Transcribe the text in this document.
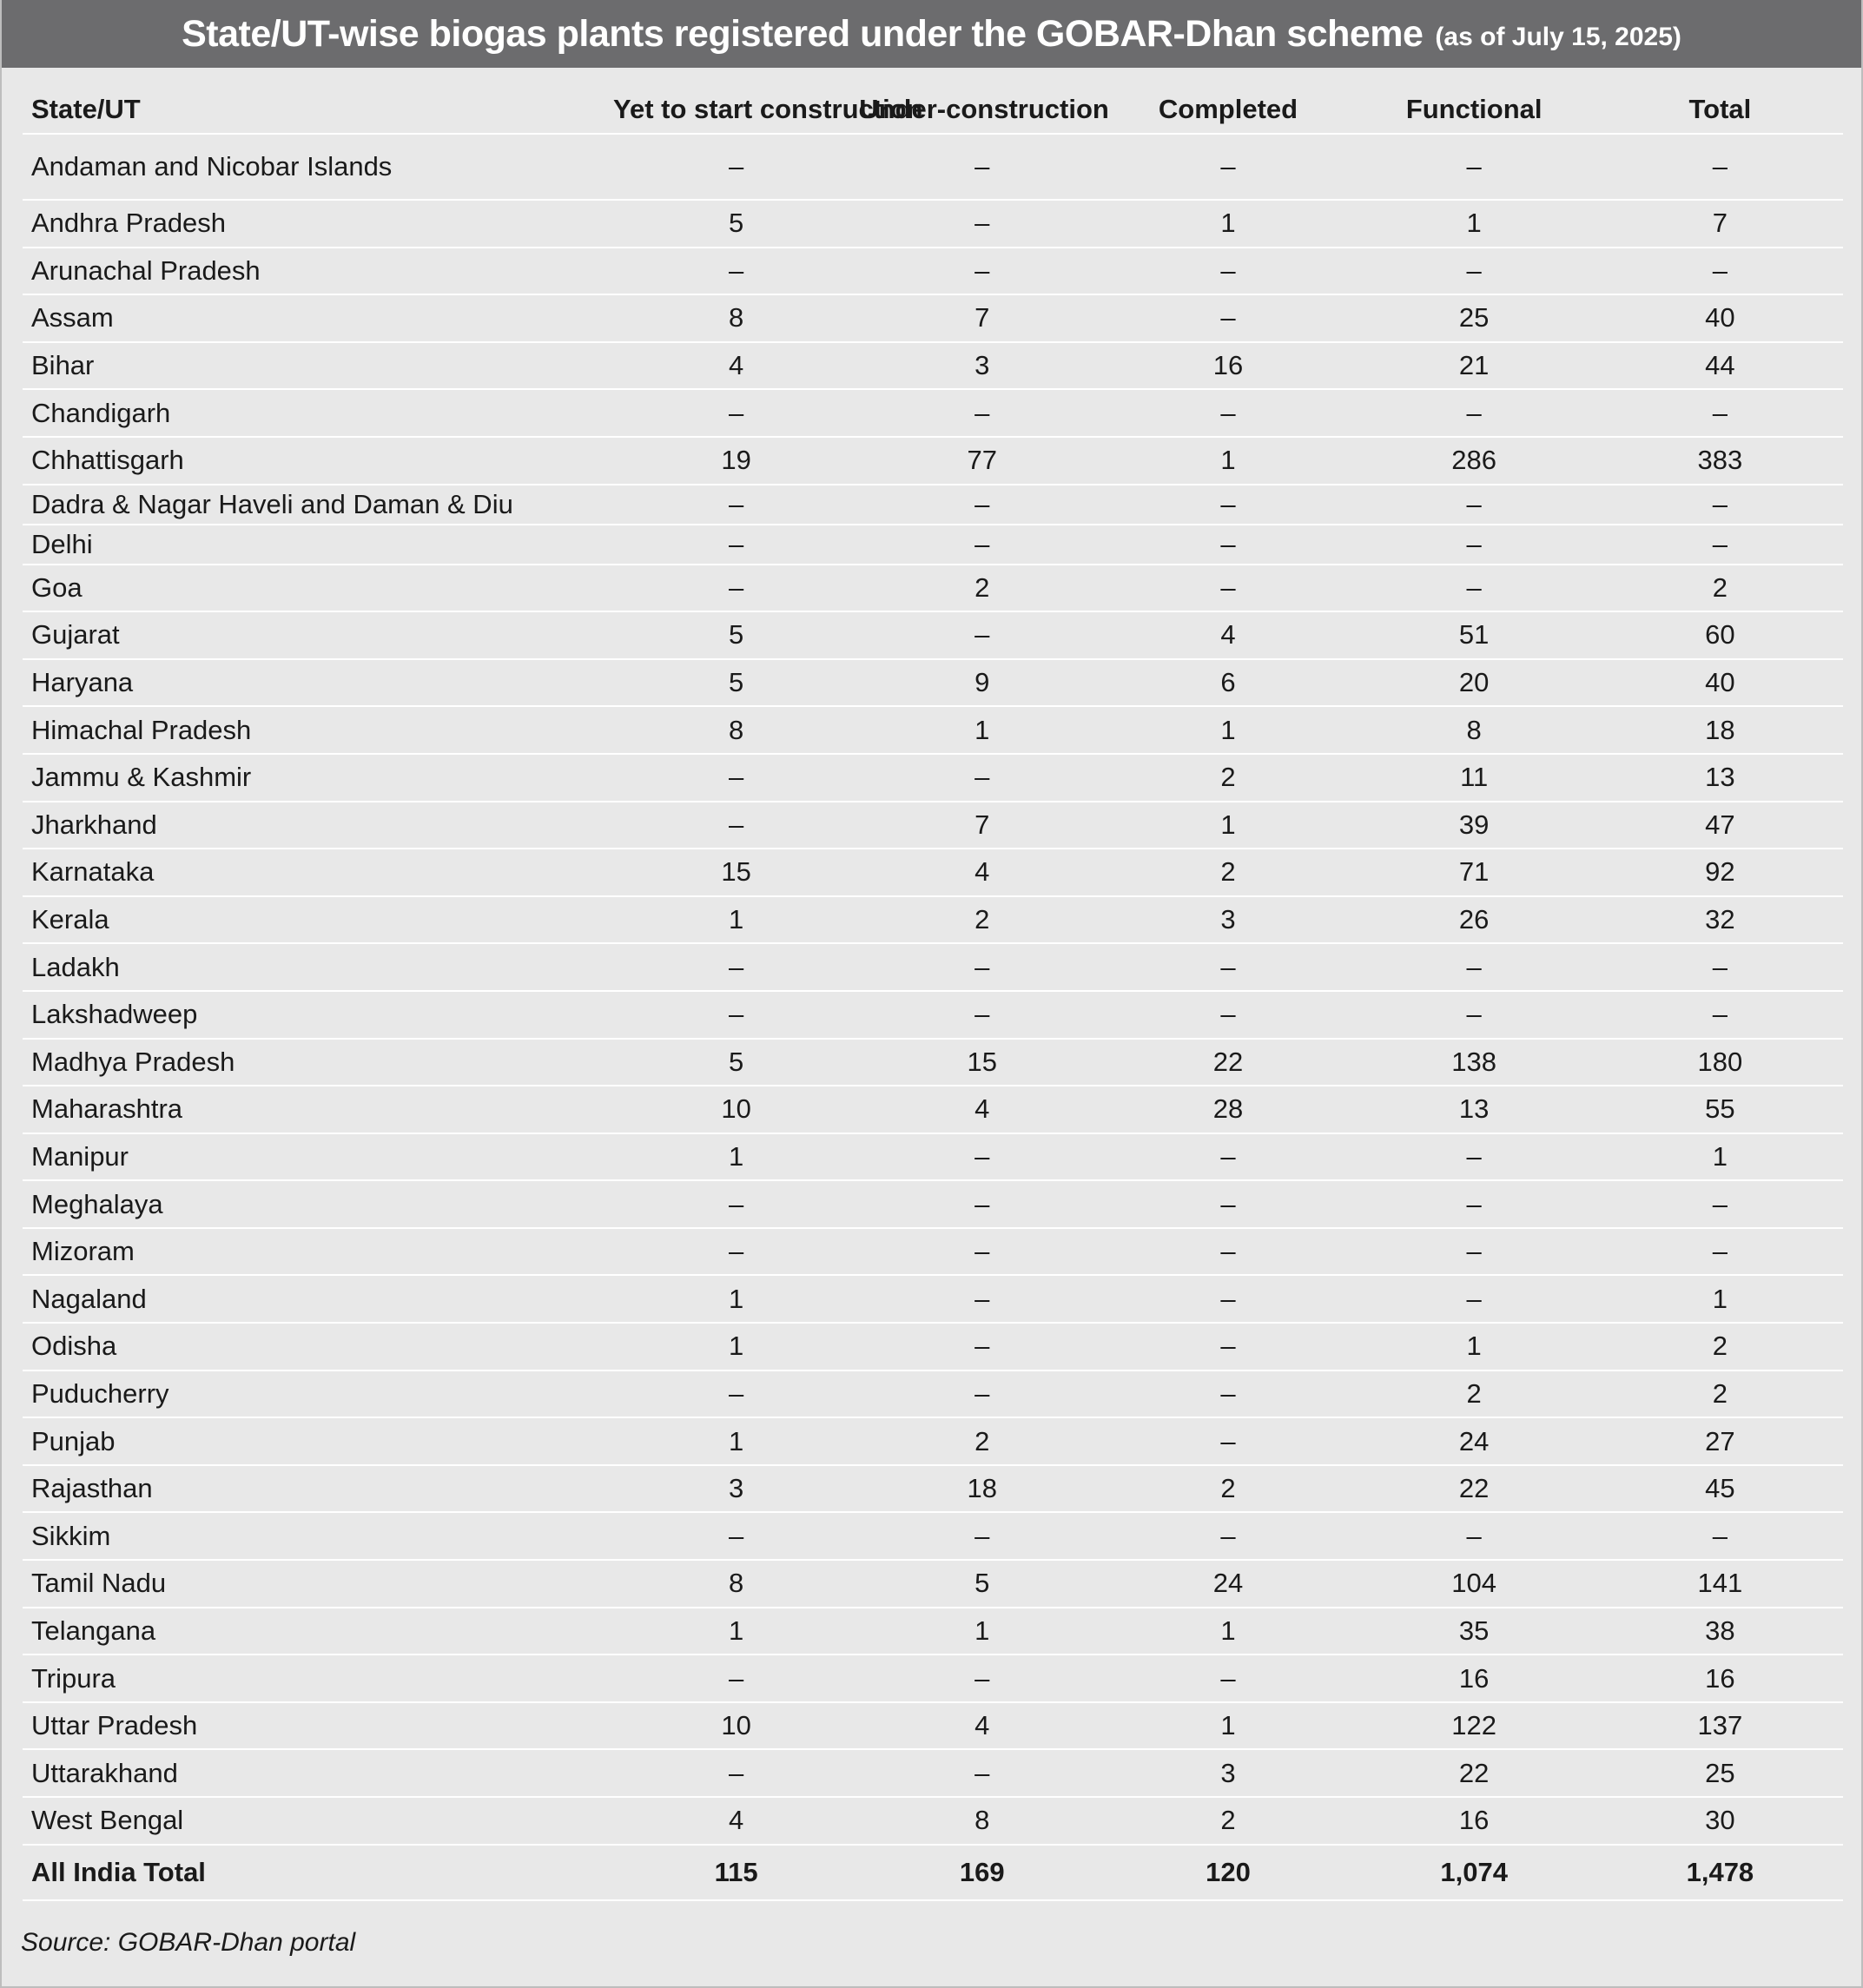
State/UT-wise biogas plants registered under the GOBAR-Dhan scheme (as of July 15, 2025)
State/UT	Yet to start construction	Under-construction	Completed	Functional	Total
Andaman and Nicobar Islands	–	–	–	–	–
Andhra Pradesh	5	–	1	1	7
Arunachal Pradesh	–	–	–	–	–
Assam	8	7	–	25	40
Bihar	4	3	16	21	44
Chandigarh	–	–	–	–	–
Chhattisgarh	19	77	1	286	383
Dadra & Nagar Haveli and Daman & Diu	–	–	–	–	–
Delhi	–	–	–	–	–
Goa	–	2	–	–	2
Gujarat	5	–	4	51	60
Haryana	5	9	6	20	40
Himachal Pradesh	8	1	1	8	18
Jammu & Kashmir	–	–	2	11	13
Jharkhand	–	7	1	39	47
Karnataka	15	4	2	71	92
Kerala	1	2	3	26	32
Ladakh	–	–	–	–	–
Lakshadweep	–	–	–	–	–
Madhya Pradesh	5	15	22	138	180
Maharashtra	10	4	28	13	55
Manipur	1	–	–	–	1
Meghalaya	–	–	–	–	–
Mizoram	–	–	–	–	–
Nagaland	1	–	–	–	1
Odisha	1	–	–	1	2
Puducherry	–	–	–	2	2
Punjab	1	2	–	24	27
Rajasthan	3	18	2	22	45
Sikkim	–	–	–	–	–
Tamil Nadu	8	5	24	104	141
Telangana	1	1	1	35	38
Tripura	–	–	–	16	16
Uttar Pradesh	10	4	1	122	137
Uttarakhand	–	–	3	22	25
West Bengal	4	8	2	16	30
All India Total	115	169	120	1,074	1,478
Source: GOBAR-Dhan portal
